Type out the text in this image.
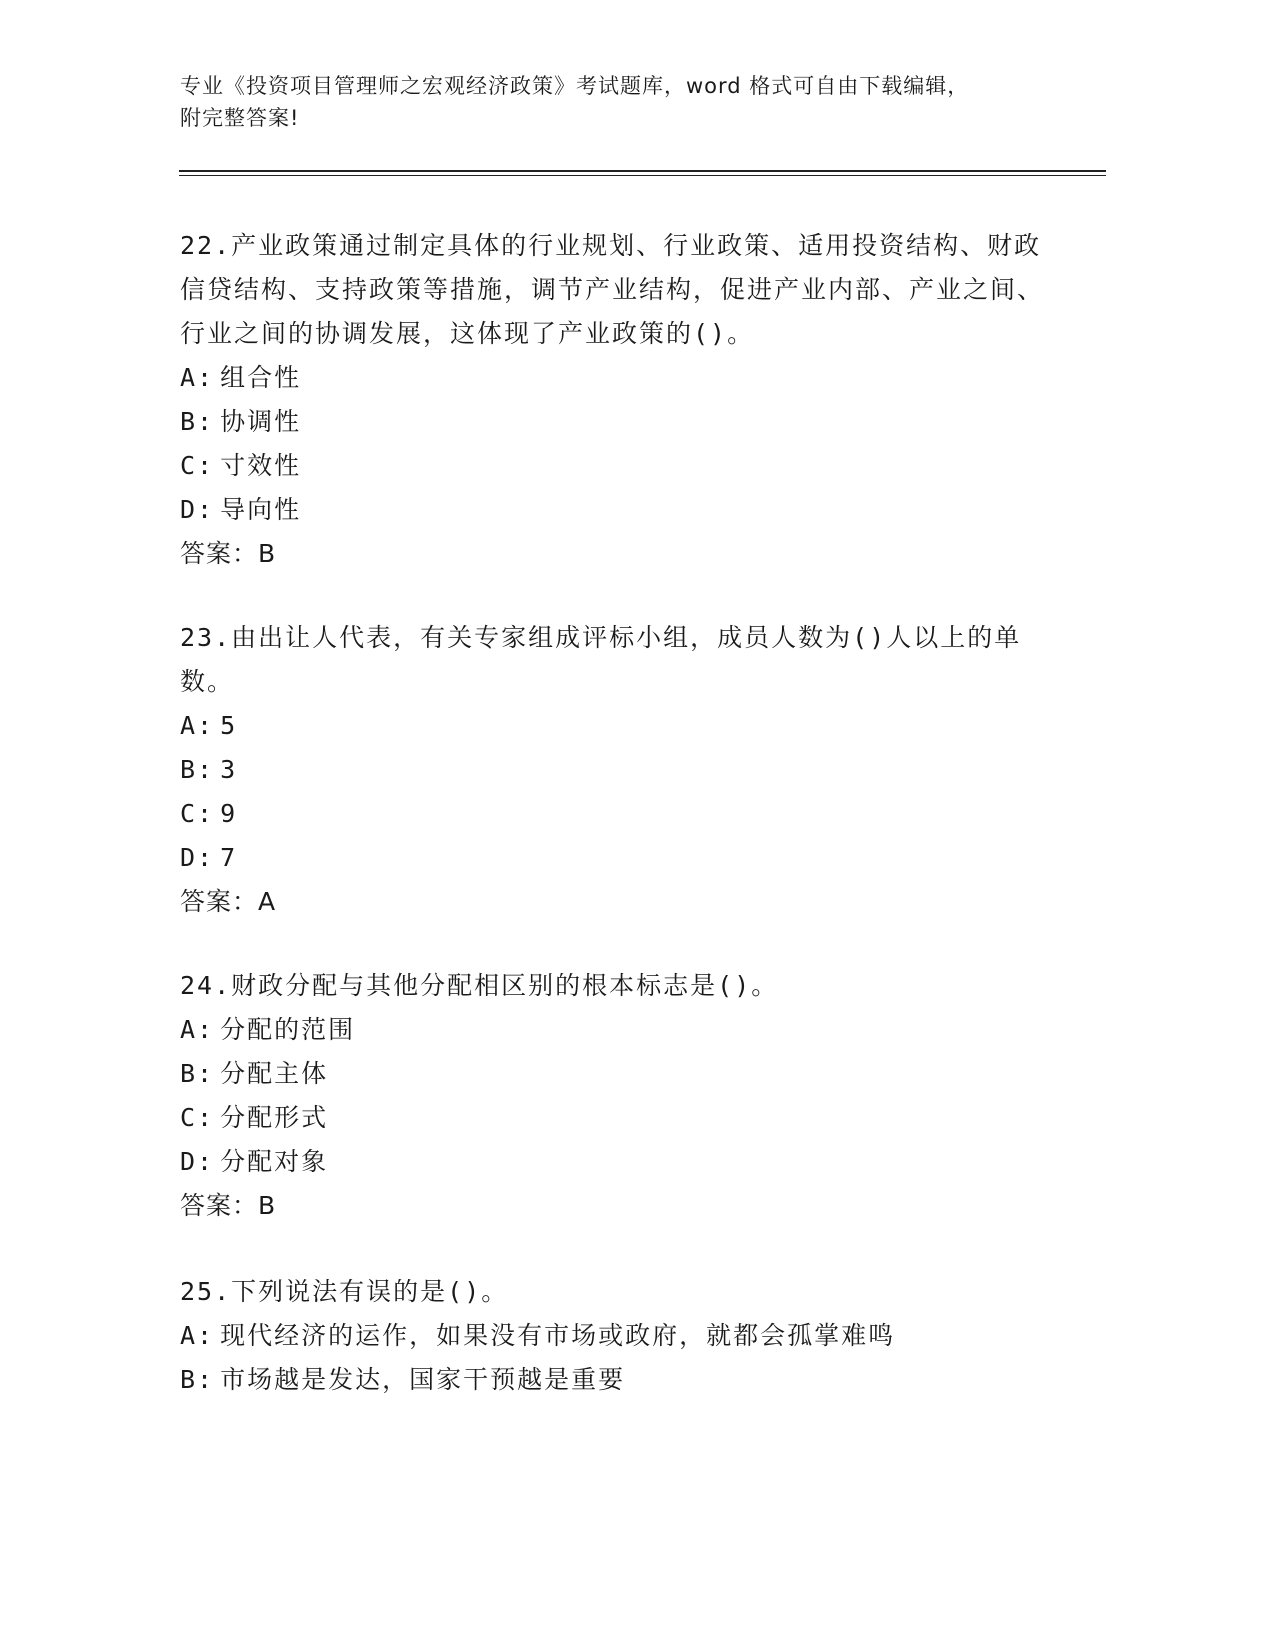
专业《投资项目管理师之宏观经济政策》考试题库，word 格式可自由下载编辑，
附完整答案!

22.产业政策通过制定具体的行业规划、行业政策、适用投资结构、财政信贷结构、支持政策等措施，调节产业结构，促进产业内部、产业之间、行业之间的协调发展，这体现了产业政策的()。

A: 组合性

B: 协调性

C: 寸效性

D: 导向性

答案：B

23.由出让人代表，有关专家组成评标小组，成员人数为()人以上的单数。

A: 5

B: 3

C: 9

D: 7

答案：A

24.财政分配与其他分配相区别的根本标志是()。

A: 分配的范围

B: 分配主体

C: 分配形式

D: 分配对象

答案：B

25.下列说法有误的是()。

A: 现代经济的运作，如果没有市场或政府，就都会孤掌难鸣

B: 市场越是发达，国家干预越是重要
